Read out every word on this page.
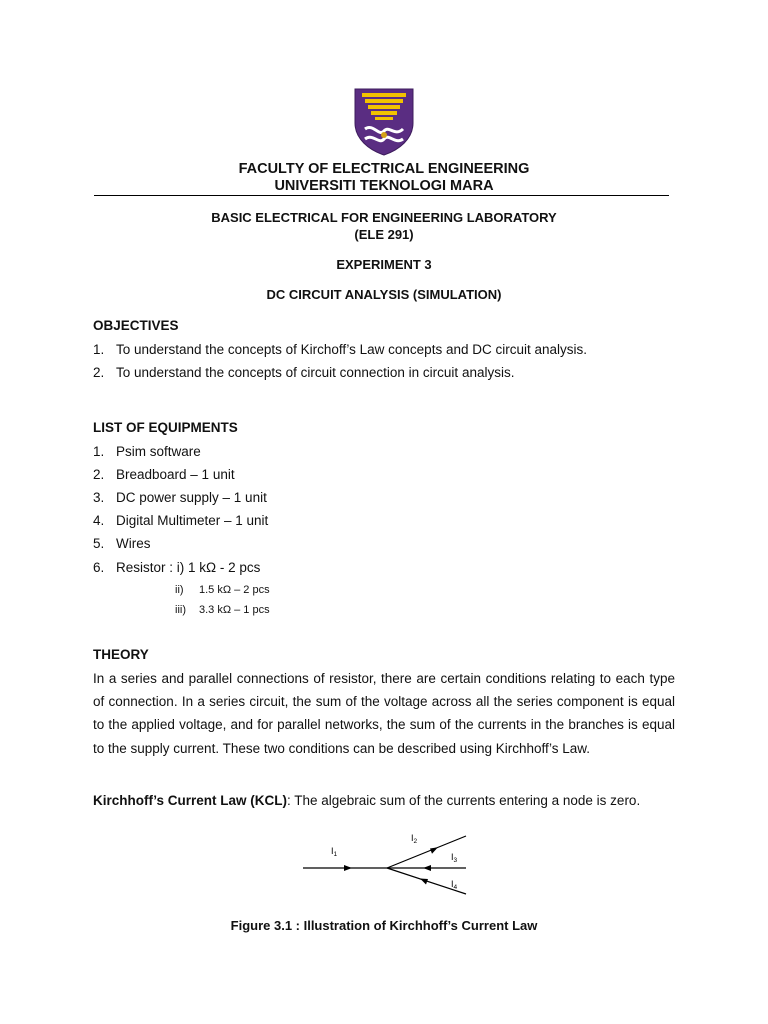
FACULTY OF ELECTRICAL ENGINEERING
UNIVERSITI TEKNOLOGI MARA
BASIC ELECTRICAL FOR ENGINEERING LABORATORY
(ELE 291)
EXPERIMENT 3
DC CIRCUIT ANALYSIS (SIMULATION)
OBJECTIVES
1. To understand the concepts of Kirchoff’s Law concepts and DC circuit analysis.
2. To understand the concepts of circuit connection in circuit analysis.
LIST OF EQUIPMENTS
1. Psim software
2. Breadboard – 1 unit
3. DC power supply – 1 unit
4. Digital Multimeter – 1 unit
5. Wires
6. Resistor : i) 1 kΩ - 2 pcs
ii) 1.5 kΩ – 2 pcs
iii) 3.3 kΩ – 1 pcs
THEORY
In a series and parallel connections of resistor, there are certain conditions relating to each type of connection. In a series circuit, the sum of the voltage across all the series component is equal to the applied voltage, and for parallel networks, the sum of the currents in the branches is equal to the supply current. These two conditions can be described using Kirchhoff’s Law.
Kirchhoff’s Current Law (KCL): The algebraic sum of the currents entering a node is zero.
$I_1$
$I_2$
$I_3$
$I_4$
Figure 3.1 : Illustration of Kirchhoff’s Current Law
